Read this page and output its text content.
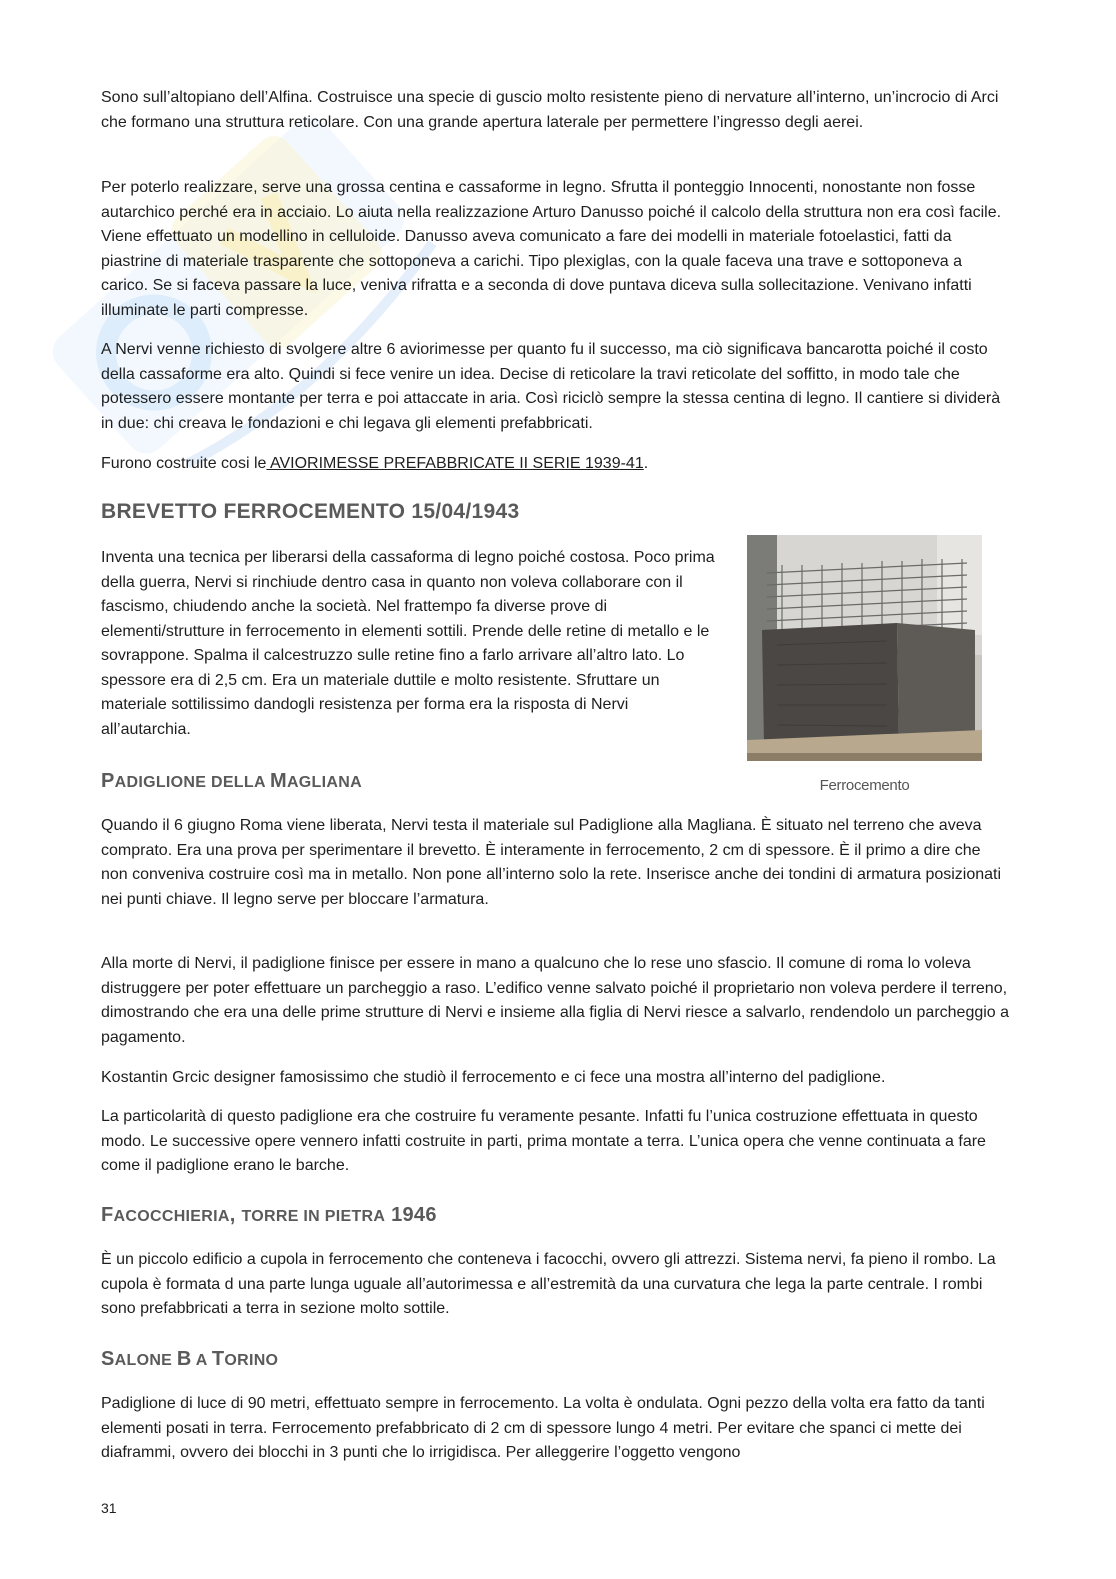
Sono sull’altopiano dell’Alfina. Costruisce una specie di guscio molto resistente pieno di nervature all’interno, un’incrocio di Arci che formano una struttura reticolare. Con una grande apertura laterale per permettere l’ingresso degli aerei.

Per poterlo realizzare, serve una grossa centina e cassaforme in legno. Sfrutta il ponteggio Innocenti, nonostante non fosse autarchico perché era in acciaio. Lo aiuta nella realizzazione Arturo Danusso poiché il calcolo della struttura non era così facile. Viene effettuato un modellino in celluloide. Danusso aveva comunicato a fare dei modelli in materiale fotoelastici, fatti da piastrine di materiale trasparente che sottoponeva a carichi. Tipo plexiglas, con la quale faceva una trave e sottoponeva a carico. Se si faceva passare la luce, veniva rifratta e a seconda di dove puntava diceva sulla sollecitazione. Venivano infatti illuminate le parti compresse.

A Nervi venne richiesto di svolgere altre 6 aviorimesse per quanto fu il successo, ma ciò significava bancarotta poiché il costo della cassaforme era alto. Quindi si fece venire un idea. Decise di reticolare la travi reticolate del soffitto, in modo tale che potessero essere montante per terra e poi attaccate in aria. Così riciclò sempre la stessa centina di legno. Il cantiere si dividerà in due: chi creava le fondazioni e chi legava gli elementi prefabbricati.

Furono costruite cosi le AVIORIMESSE PREFABBRICATE II SERIE 1939-41.

BREVETTO FERROCEMENTO 15/04/1943

Inventa una tecnica per liberarsi della cassaforma di legno poiché costosa. Poco prima della guerra, Nervi si rinchiude dentro casa in quanto non voleva collaborare con il fascismo, chiudendo anche la società. Nel frattempo fa diverse prove di elementi/strutture in ferrocemento in elementi sottili. Prende delle retine di metallo e le sovrappone. Spalma il calcestruzzo sulle retine fino a farlo arrivare all’altro lato. Lo spessore era di 2,5 cm. Era un materiale duttile e molto resistente. Sfruttare un materiale sottilissimo dandogli resistenza per forma era la risposta di Nervi all’autarchia.

Ferrocemento
PADIGLIONE DELLA MAGLIANA

Quando il 6 giugno Roma viene liberata, Nervi testa il materiale sul Padiglione alla Magliana. È situato nel terreno che aveva comprato. Era una prova per sperimentare il brevetto. È interamente in ferrocemento, 2 cm di spessore. È il primo a dire che non conveniva costruire così ma in metallo. Non pone all’interno solo la rete. Inserisce anche dei tondini di armatura posizionati nei punti chiave. Il legno serve per bloccare l’armatura.

Alla morte di Nervi, il padiglione finisce per essere in mano a qualcuno che lo rese uno sfascio. Il comune di roma lo voleva distruggere per poter effettuare un parcheggio a raso. L’edifico venne salvato poiché il proprietario non voleva perdere il terreno, dimostrando che era una delle prime strutture di Nervi e insieme alla figlia di Nervi riesce a salvarlo, rendendolo un parcheggio a pagamento.

Kostantin Grcic designer famosissimo che studiò il ferrocemento e ci fece una mostra all’interno del padiglione.

La particolarità di questo padiglione era che costruire fu veramente pesante. Infatti fu l’unica costruzione effettuata in questo modo. Le successive opere vennero infatti costruite in parti, prima montate a terra. L’unica opera che venne continuata a fare come il padiglione erano le barche.

FACOCCHIERIA, TORRE IN PIETRA 1946

È un piccolo edificio a cupola in ferrocemento che conteneva i facocchi, ovvero gli attrezzi. Sistema nervi, fa pieno il rombo. La cupola è formata d una parte lunga uguale all’autorimessa e all’estremità da una curvatura che lega la parte centrale. I rombi sono prefabbricati a terra in sezione molto sottile.

SALONE B A TORINO

Padiglione di luce di 90 metri, effettuato sempre in ferrocemento. La volta è ondulata. Ogni pezzo della volta era fatto da tanti elementi posati in terra. Ferrocemento prefabbricato di 2 cm di spessore lungo 4 metri. Per evitare che spanci ci mette dei diaframmi, ovvero dei blocchi in 3 punti che lo irrigidisca. Per alleggerire l’oggetto vengono

31
